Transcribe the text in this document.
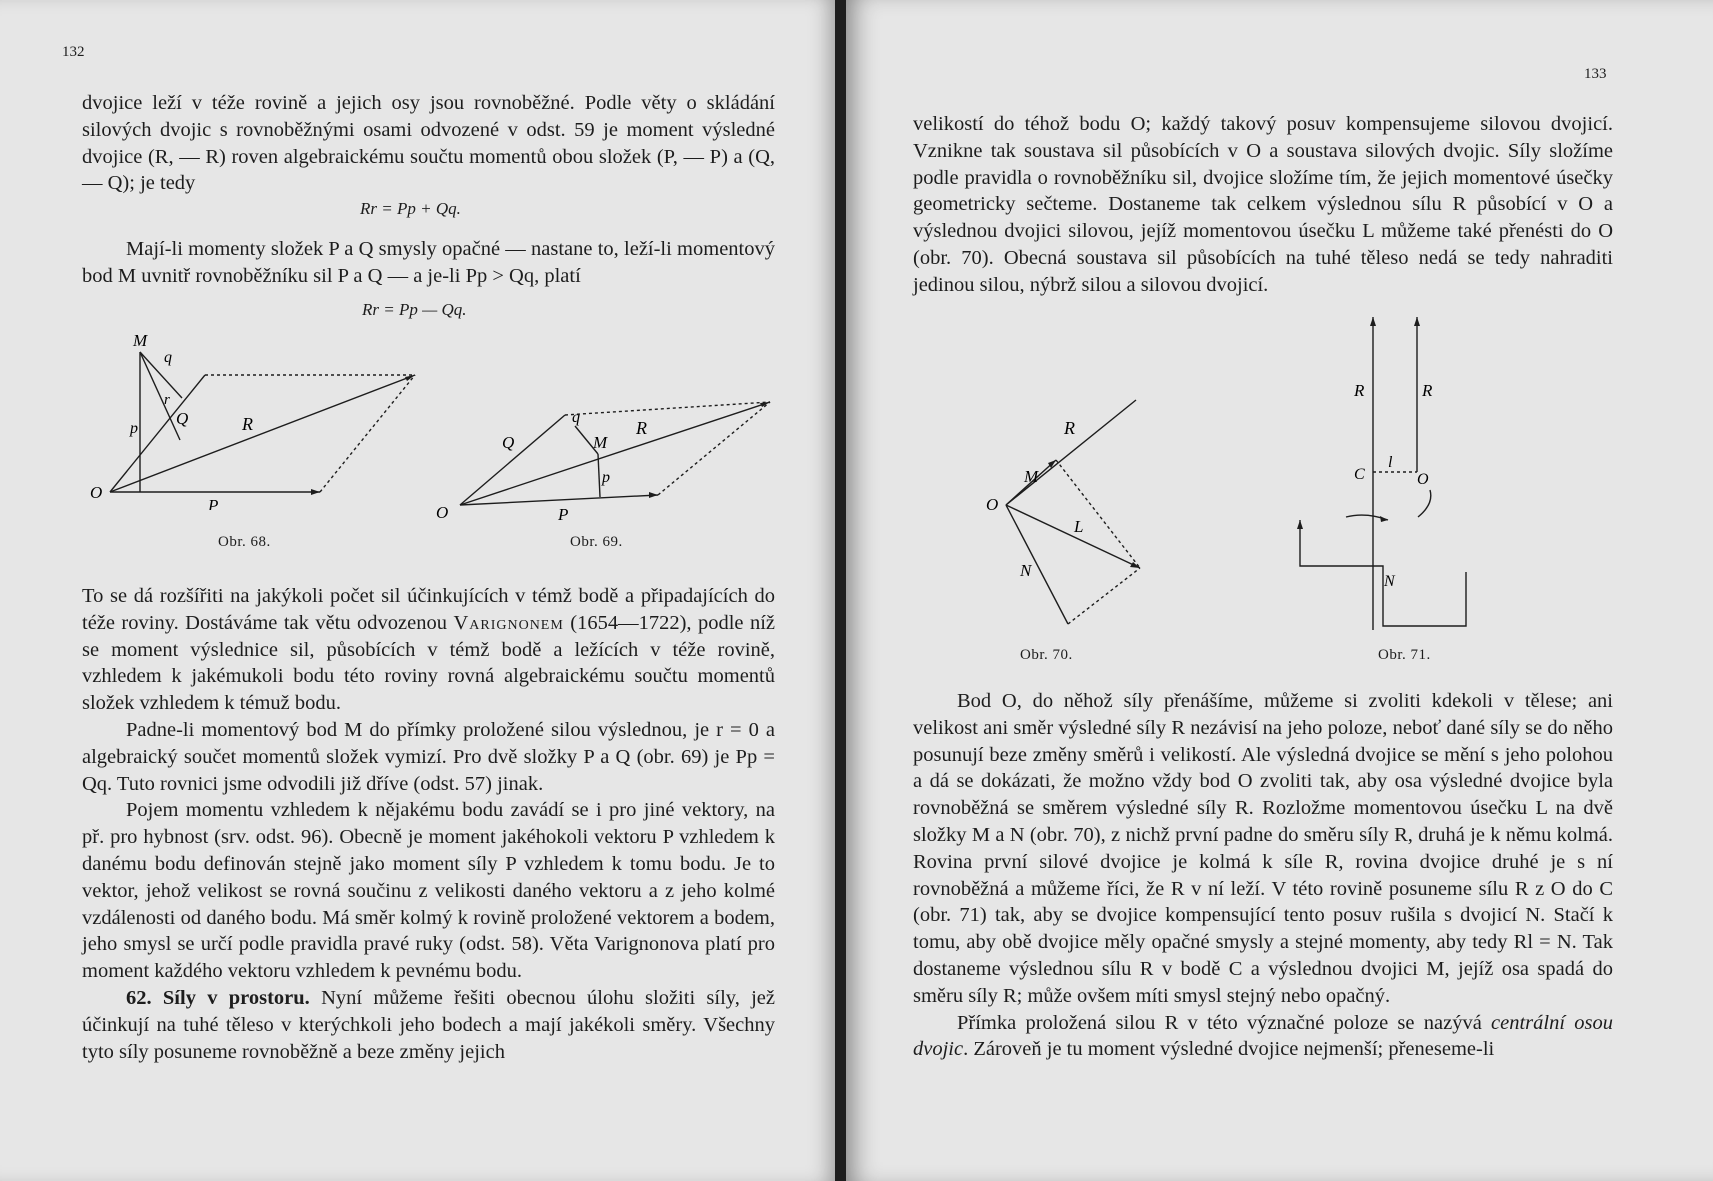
132

dvojice leží v téže rovině a jejich osy jsou rovnoběžné. Podle věty o skládání silových dvojic s rovnoběžnými osami odvozené v odst. 59 je moment výsledné dvojice (R, — R) roven algebraickému součtu momentů obou složek (P, — P) a (Q, — Q); je tedy

Rr = Pp + Qq.

Mají-li momenty složek P a Q smysly opačné — nastane to, leží-li momentový bod M uvnitř rovnoběžníku sil P a Q — a je-li Pp > Qq, platí

Rr = Pp — Qq.
M
q
r
Q
p	R
O
P
Obr. 68.
Q
q
M
R
p
O	P
Obr. 69.

To se dá rozšířiti na jakýkoli počet sil účinkujících v témž bodě a připadajících do téže roviny. Dostáváme tak větu odvozenou Varignonem (1654—1722), podle níž se moment výslednice sil, působících v témž bodě a ležících v téže rovině, vzhledem k jakémukoli bodu této roviny rovná algebraickému součtu momentů složek vzhledem k témuž bodu.

Padne-li momentový bod M do přímky proložené silou výslednou, je r = 0 a algebraický součet momentů složek vymizí. Pro dvě složky P a Q (obr. 69) je Pp = Qq. Tuto rovnici jsme odvodili již dříve (odst. 57) jinak.

Pojem momentu vzhledem k nějakému bodu zavádí se i pro jiné vektory, na př. pro hybnost (srv. odst. 96). Obecně je moment jakéhokoli vektoru P vzhledem k danému bodu definován stejně jako moment síly P vzhledem k tomu bodu. Je to vektor, jehož velikost se rovná součinu z velikosti daného vektoru a z jeho kolmé vzdálenosti od daného bodu. Má směr kolmý k rovině proložené vektorem a bodem, jeho smysl se určí podle pravidla pravé ruky (odst. 58). Věta Varignonova platí pro moment každého vektoru vzhledem k pevnému bodu.

62. Síly v prostoru. Nyní můžeme řešiti obecnou úlohu složiti síly, jež účinkují na tuhé těleso v kterýchkoli jeho bodech a mají jakékoli směry. Všechny tyto síly posuneme rovnoběžně a beze změny jejich

133

velikostí do téhož bodu O; každý takový posuv kompensujeme silovou dvojicí. Vznikne tak soustava sil působících v O a soustava silových dvojic. Síly složíme podle pravidla o rovnoběžníku sil, dvojice složíme tím, že jejich momentové úsečky geometricky sečteme. Dostaneme tak celkem výslednou sílu R působící v O a výslednou dvojici silovou, jejíž momentovou úsečku L můžeme také přenésti do O (obr. 70). Obecná soustava sil působících na tuhé těleso nedá se tedy nahraditi jedinou silou, nýbrž silou a silovou dvojicí.

R
M
O
L
N
Obr. 70.
R	R
C
l
O
N
Obr. 71.

Bod O, do něhož síly přenášíme, můžeme si zvoliti kdekoli v tělese; ani velikost ani směr výsledné síly R nezávisí na jeho poloze, neboť dané síly se do něho posunují beze změny směrů i velikostí. Ale výsledná dvojice se mění s jeho polohou a dá se dokázati, že možno vždy bod O zvoliti tak, aby osa výsledné dvojice byla rovnoběžná se směrem výsledné síly R. Rozložme momentovou úsečku L na dvě složky M a N (obr. 70), z nichž první padne do směru síly R, druhá je k němu kolmá. Rovina první silové dvojice je kolmá k síle R, rovina dvojice druhé je s ní rovnoběžná a můžeme říci, že R v ní leží. V této rovině posuneme sílu R z O do C (obr. 71) tak, aby se dvojice kompensující tento posuv rušila s dvojicí N. Stačí k tomu, aby obě dvojice měly opačné smysly a stejné momenty, aby tedy Rl = N. Tak dostaneme výslednou sílu R v bodě C a výslednou dvojici M, jejíž osa spadá do směru síly R; může ovšem míti smysl stejný nebo opačný.

Přímka proložená silou R v této význačné poloze se nazývá centrální osou dvojic. Zároveň je tu moment výsledné dvojice nejmenší; přeneseme-li
